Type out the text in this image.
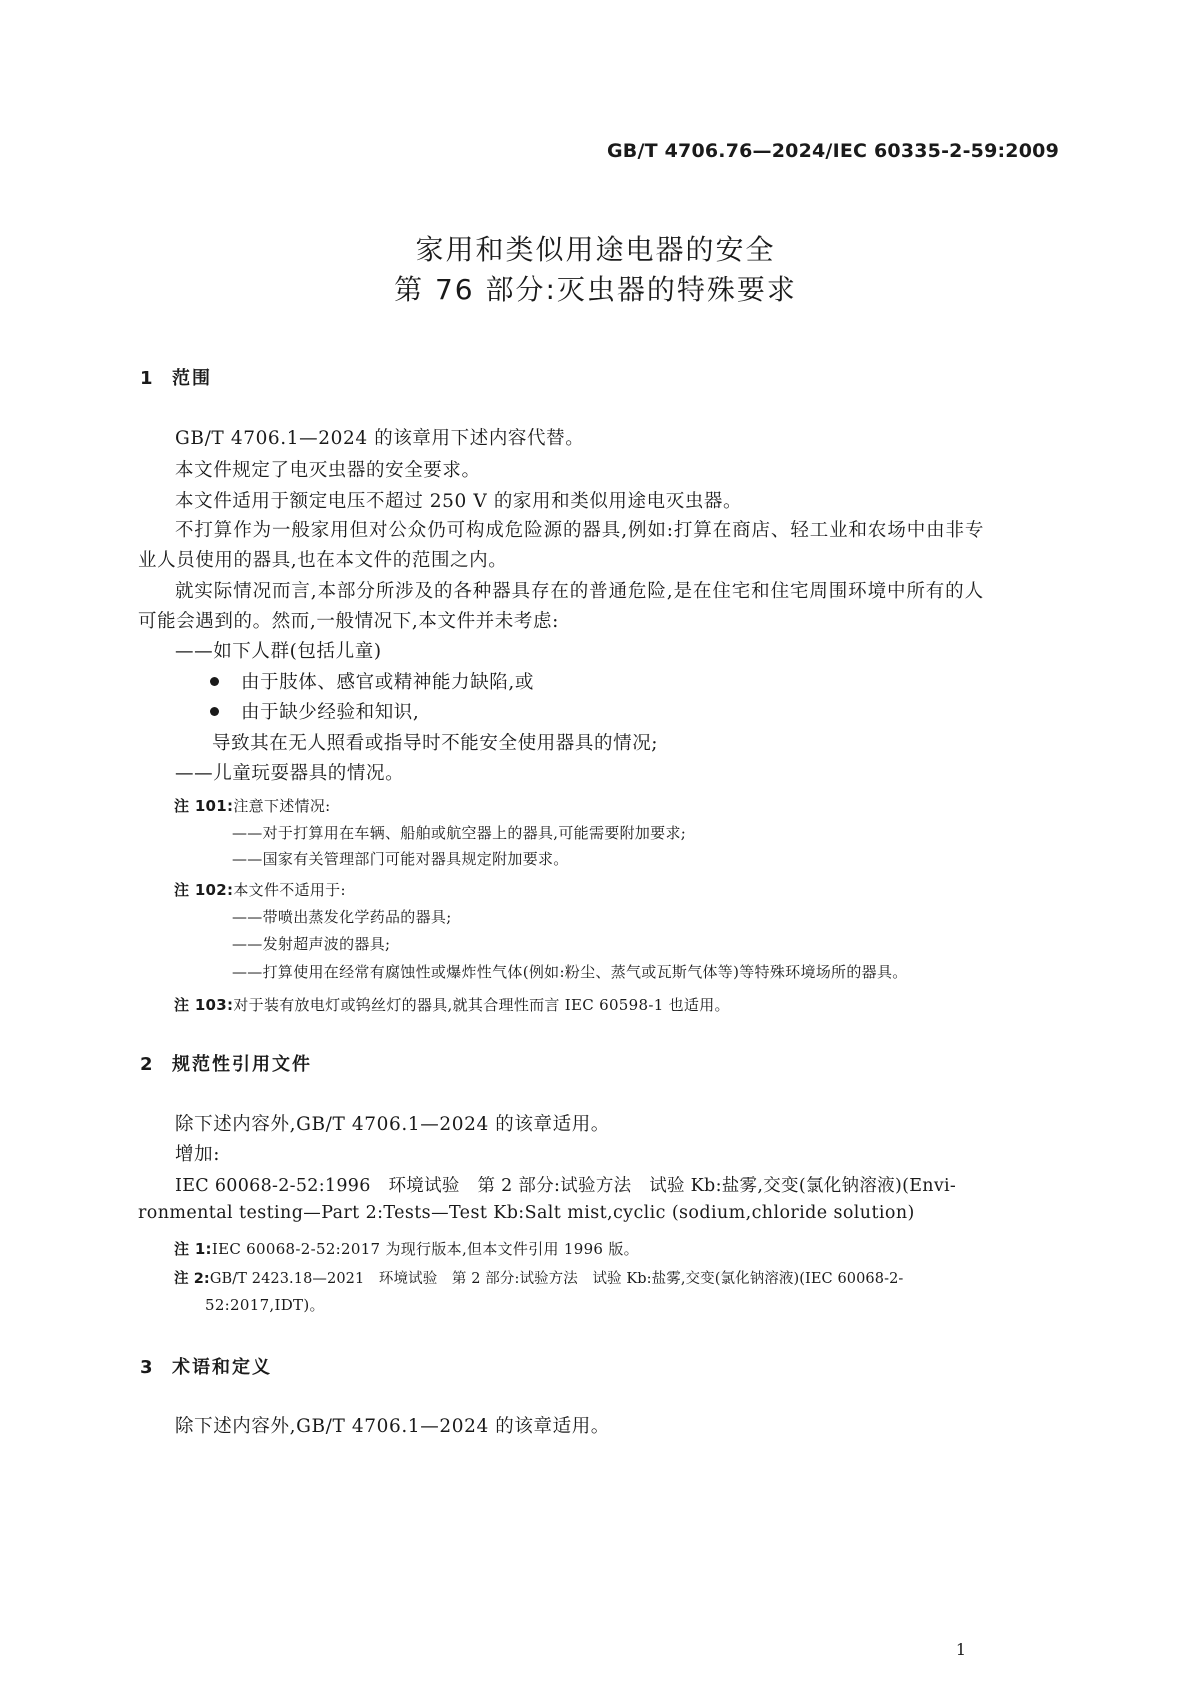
GB/T 4706.76—2024/IEC 60335-2-59:2009
家用和类似用途电器的安全
第 76 部分:灭虫器的特殊要求
1 范围
GB/T 4706.1—2024 的该章用下述内容代替。
本文件规定了电灭虫器的安全要求。
本文件适用于额定电压不超过 250 V 的家用和类似用途电灭虫器。
不打算作为一般家用但对公众仍可构成危险源的器具,例如:打算在商店、轻工业和农场中由非专
业人员使用的器具,也在本文件的范围之内。
就实际情况而言,本部分所涉及的各种器具存在的普通危险,是在住宅和住宅周围环境中所有的人
可能会遇到的。然而,一般情况下,本文件并未考虑:
——如下人群(包括儿童)
由于肢体、感官或精神能力缺陷,或
由于缺少经验和知识,
导致其在无人照看或指导时不能安全使用器具的情况;
——儿童玩耍器具的情况。
注 101:注意下述情况:
——对于打算用在车辆、船舶或航空器上的器具,可能需要附加要求;
——国家有关管理部门可能对器具规定附加要求。
注 102:本文件不适用于:
——带喷出蒸发化学药品的器具;
——发射超声波的器具;
——打算使用在经常有腐蚀性或爆炸性气体(例如:粉尘、蒸气或瓦斯气体等)等特殊环境场所的器具。
注 103:对于装有放电灯或钨丝灯的器具,就其合理性而言 IEC 60598-1 也适用。
2 规范性引用文件
除下述内容外,GB/T 4706.1—2024 的该章适用。
增加:
IEC 60068-2-52:1996　环境试验　第 2 部分:试验方法　试验 Kb:盐雾,交变(氯化钠溶液)(Envi-
ronmental testing—Part 2:Tests—Test Kb:Salt mist,cyclic (sodium,chloride solution)
注 1:IEC 60068-2-52:2017 为现行版本,但本文件引用 1996 版。
注 2:GB/T 2423.18—2021　环境试验　第 2 部分:试验方法　试验 Kb:盐雾,交变(氯化钠溶液)(IEC 60068-2-
52:2017,IDT)。
3 术语和定义
除下述内容外,GB/T 4706.1—2024 的该章适用。
1
